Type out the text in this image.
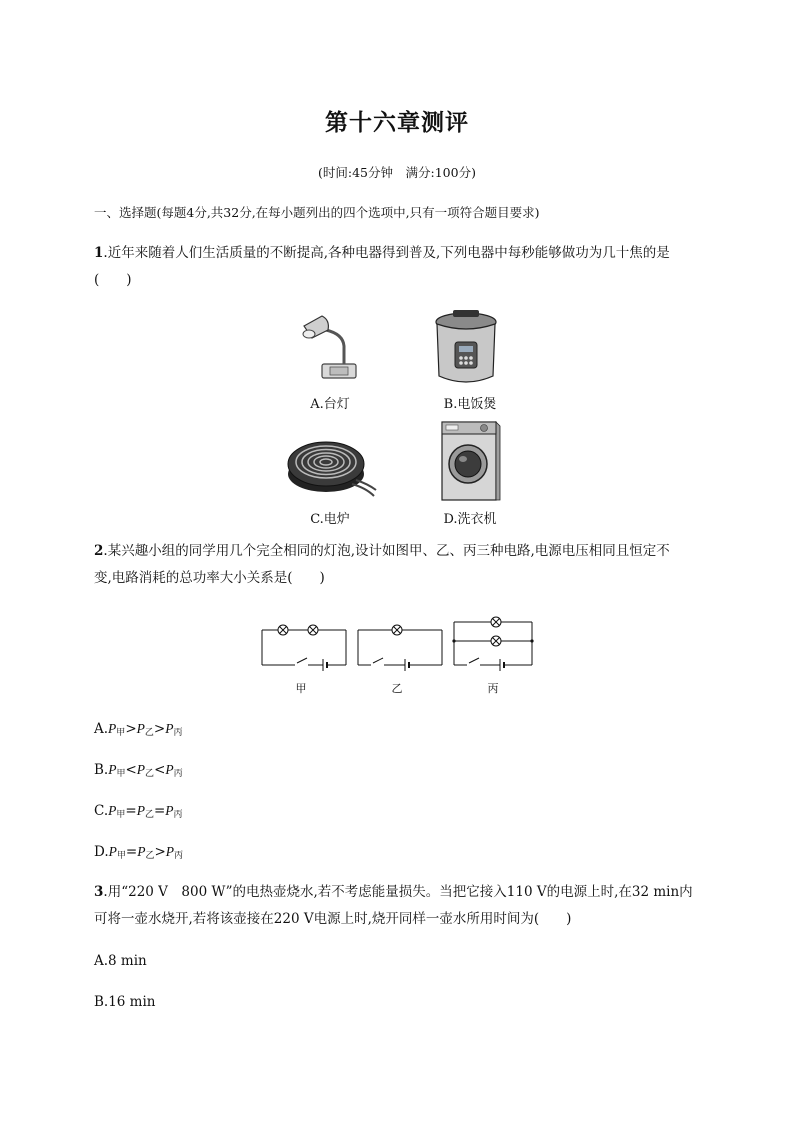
第十六章测评
(时间:45分钟　满分:100分)
一、选择题(每题4分,共32分,在每小题列出的四个选项中,只有一项符合题目要求)
1.近年来随着人们生活质量的不断提高,各种电器得到普及,下列电器中每秒能够做功为几十焦的是
(　　)
A.台灯	B.电饭煲
C.电炉	D.洗衣机
2.某兴趣小组的同学用几个完全相同的灯泡,设计如图甲、乙、丙三种电路,电源电压相同且恒定不
变,电路消耗的总功率大小关系是(　　)
甲	乙	丙
$A.P_甲>P_乙>P_丙$
$B.P_甲<P_乙<P_丙$
$C.P_甲=P_乙=P_丙$
$D.P_甲=P_乙>P_丙$
3.用“220 V　800 W”的电热壶烧水,若不考虑能量损失。当把它接入110 V的电源上时,在32 min内
可将一壶水烧开,若将该壶接在220 V电源上时,烧开同样一壶水所用时间为(　　)
A.8 min
B.16 min
